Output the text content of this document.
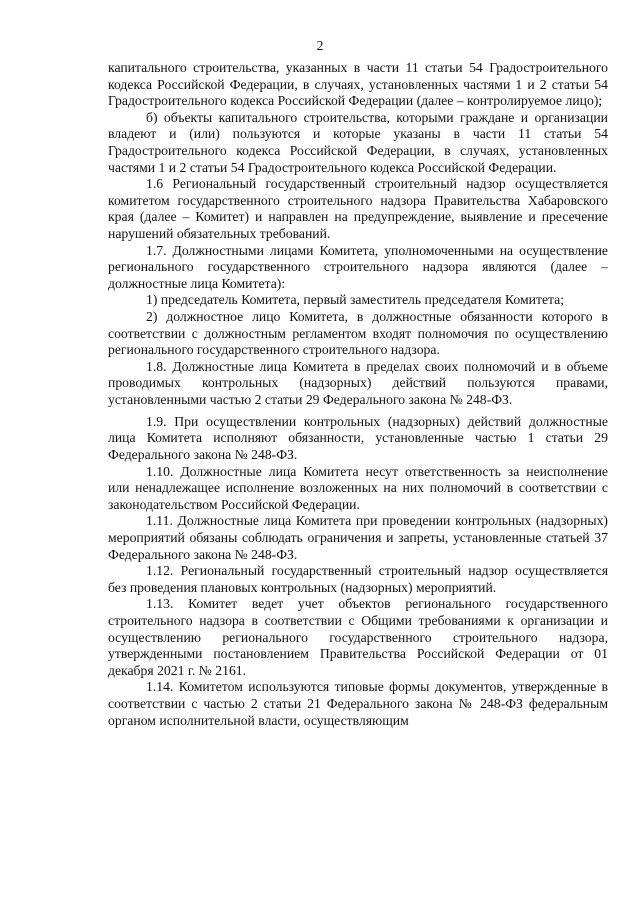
2

капитального строительства, указанных в части 11 статьи 54 Градостроительного кодекса Российской Федерации, в случаях, установленных частями 1 и 2 статьи 54 Градостроительного кодекса Российской Федерации (далее – контролируемое лицо);

б) объекты капитального строительства, которыми граждане и организации владеют и (или) пользуются и которые указаны в части 11 статьи 54 Градостроительного кодекса Российской Федерации, в случаях, установленных частями 1 и 2 статьи 54 Градостроительного кодекса Российской Федерации.

1.6 Региональный государственный строительный надзор осуществляется комитетом государственного строительного надзора Правительства Хабаровского края (далее – Комитет) и направлен на предупреждение, выявление и пресечение нарушений обязательных требований.

1.7. Должностными лицами Комитета, уполномоченными на осуществление регионального государственного строительного надзора являются (далее – должностные лица Комитета):

1) председатель Комитета, первый заместитель председателя Комитета;

2) должностное лицо Комитета, в должностные обязанности которого в соответствии с должностным регламентом входят полномочия по осуществлению регионального государственного строительного надзора.

1.8. Должностные лица Комитета в пределах своих полномочий и в объеме проводимых контрольных (надзорных) действий пользуются правами, установленными частью 2 статьи 29 Федерального закона № 248-ФЗ.

1.9. При осуществлении контрольных (надзорных) действий должностные лица Комитета исполняют обязанности, установленные частью 1 статьи 29 Федерального закона № 248-ФЗ.

1.10. Должностные лица Комитета несут ответственность за неисполнение или ненадлежащее исполнение возложенных на них полномочий в соответствии с законодательством Российской Федерации.

1.11. Должностные лица Комитета при проведении контрольных (надзорных) мероприятий обязаны соблюдать ограничения и запреты, установленные статьей 37 Федерального закона № 248-ФЗ.

1.12. Региональный государственный строительный надзор осуществляется без проведения плановых контрольных (надзорных) мероприятий.

1.13. Комитет ведет учет объектов регионального государственного строительного надзора в соответствии с Общими требованиями к организации и осуществлению регионального государственного строительного надзора, утвержденными постановлением Правительства Российской Федерации от 01 декабря 2021 г. № 2161.

1.14. Комитетом используются типовые формы документов, утвержденные в соответствии с частью 2 статьи 21 Федерального закона № 248-ФЗ федеральным органом исполнительной власти, осуществляющим
